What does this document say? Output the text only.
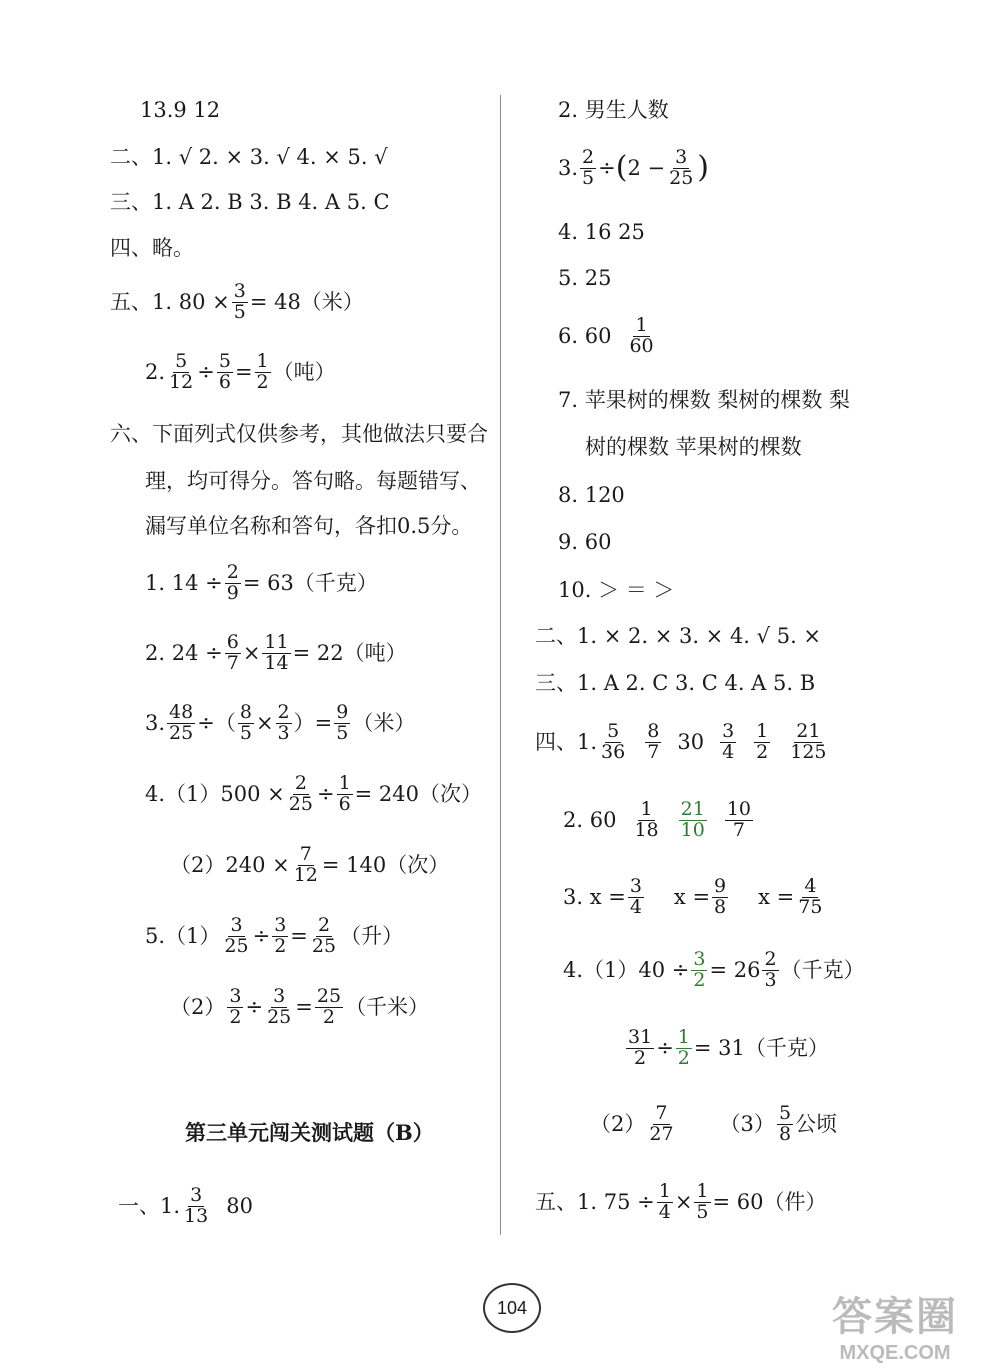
13.9 12
二、1. √ 2. × 3. √ 4. × 5. √
三、1. A 2. B 3. B 4. A 5. C
四、略。
五、1. $80 \times \frac{3}{5} = 48$（米）
2. $\frac{5}{12} \div \frac{5}{6} = \frac{1}{2}$ （吨）
六、下面列式仅供参考，其他做法只要合
理，均可得分。答句略。每题错写、
漏写单位名称和答句，各扣0.5分。
1. $14 \div \frac{2}{9} = 63$（千克）
2. $24 \div \frac{6}{7} \times \frac{11}{14} = 22$（吨）
3. $\frac{48}{25}$ ÷（ $\frac{8}{5} \times \frac{2}{3}$ ）= $\frac{9}{5}$ （米）
$4.(1)500 \times \frac{2}{25} \div \frac{1}{6} = 240$（次）
$(2)240 \times \frac{7}{12} = 140$（次）
$5.(1) \frac{3}{25} \div \frac{3}{2} = \frac{2}{25}$ （升）
$(2) \frac{3}{2} \div \frac{3}{25} = \frac{25}{2}$ （千米）
第三单元闯关测试题（B）
一、1. $\frac{3}{13} 80$
2. 男生人数
3. $\frac{2}{5}$ ÷ ( $2 - \frac{3}{25}$ )
4. 16 25
5. 25
6. $60 \frac{1}{60}$
7. 苹果树的棵数 梨树的棵数 梨
树的棵数 苹果树的棵数
8. 120
9. 60
10. ＞ ＝ ＞
二、1. × 2. × 3. × 4. √ 5. ×
三、1. A 2. C 3. C 4. A 5. B
四、1. $\frac{5}{36} \frac{8}{7} 30 \frac{3}{4} \frac{1}{2} \frac{21}{125}$
2. $60 \frac{1}{18} \frac{21}{10} \frac{10}{7}$
3. $x = \frac{3}{4}$ $x = \frac{9}{8}$ $x = \frac{4}{75}$
$4.(1)40 \div \frac{3}{2} = 26 \frac{2}{3}$ （千克）
$\frac{31}{2} \div \frac{1}{2} = 31$（千克）
$(2) \frac{7}{27} (3) \frac{5}{8}$ 公顷
五、1. $75 \div \frac{1}{4} \times \frac{1}{5} = 60$（件）
104	答案圈
MXQE.COM
